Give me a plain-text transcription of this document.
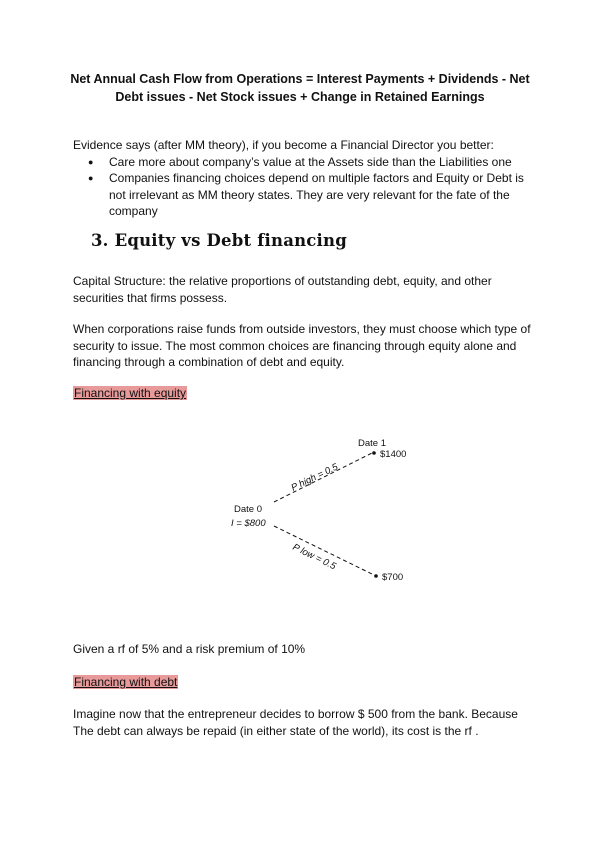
Net Annual Cash Flow from Operations = Interest Payments + Dividends - Net

Debt issues - Net Stock issues + Change in Retained Earnings

Evidence says (after MM theory), if you become a Financial Director you better:

● Care more about company’s value at the Assets side than the Liabilities one
● Companies financing choices depend on multiple factors and Equity or Debt is not irrelevant as MM theory states. They are very relevant for the fate of the company
3. Equity vs Debt financing
Capital Structure: the relative proportions of outstanding debt, equity, and other securities that firms possess.
When corporations raise funds from outside investors, they must choose which type of security to issue. The most common choices are financing through equity alone and financing through a combination of debt and equity.
Financing with equity
Date 1
$1400
$700
Date 0
I = $800
P high = 0.5
P low = 0.5
Given a rf of 5% and a risk premium of 10%
Financing with debt
Imagine now that the entrepreneur decides to borrow $ 500 from the bank. Because The debt can always be repaid (in either state of the world), its cost is the rf .
